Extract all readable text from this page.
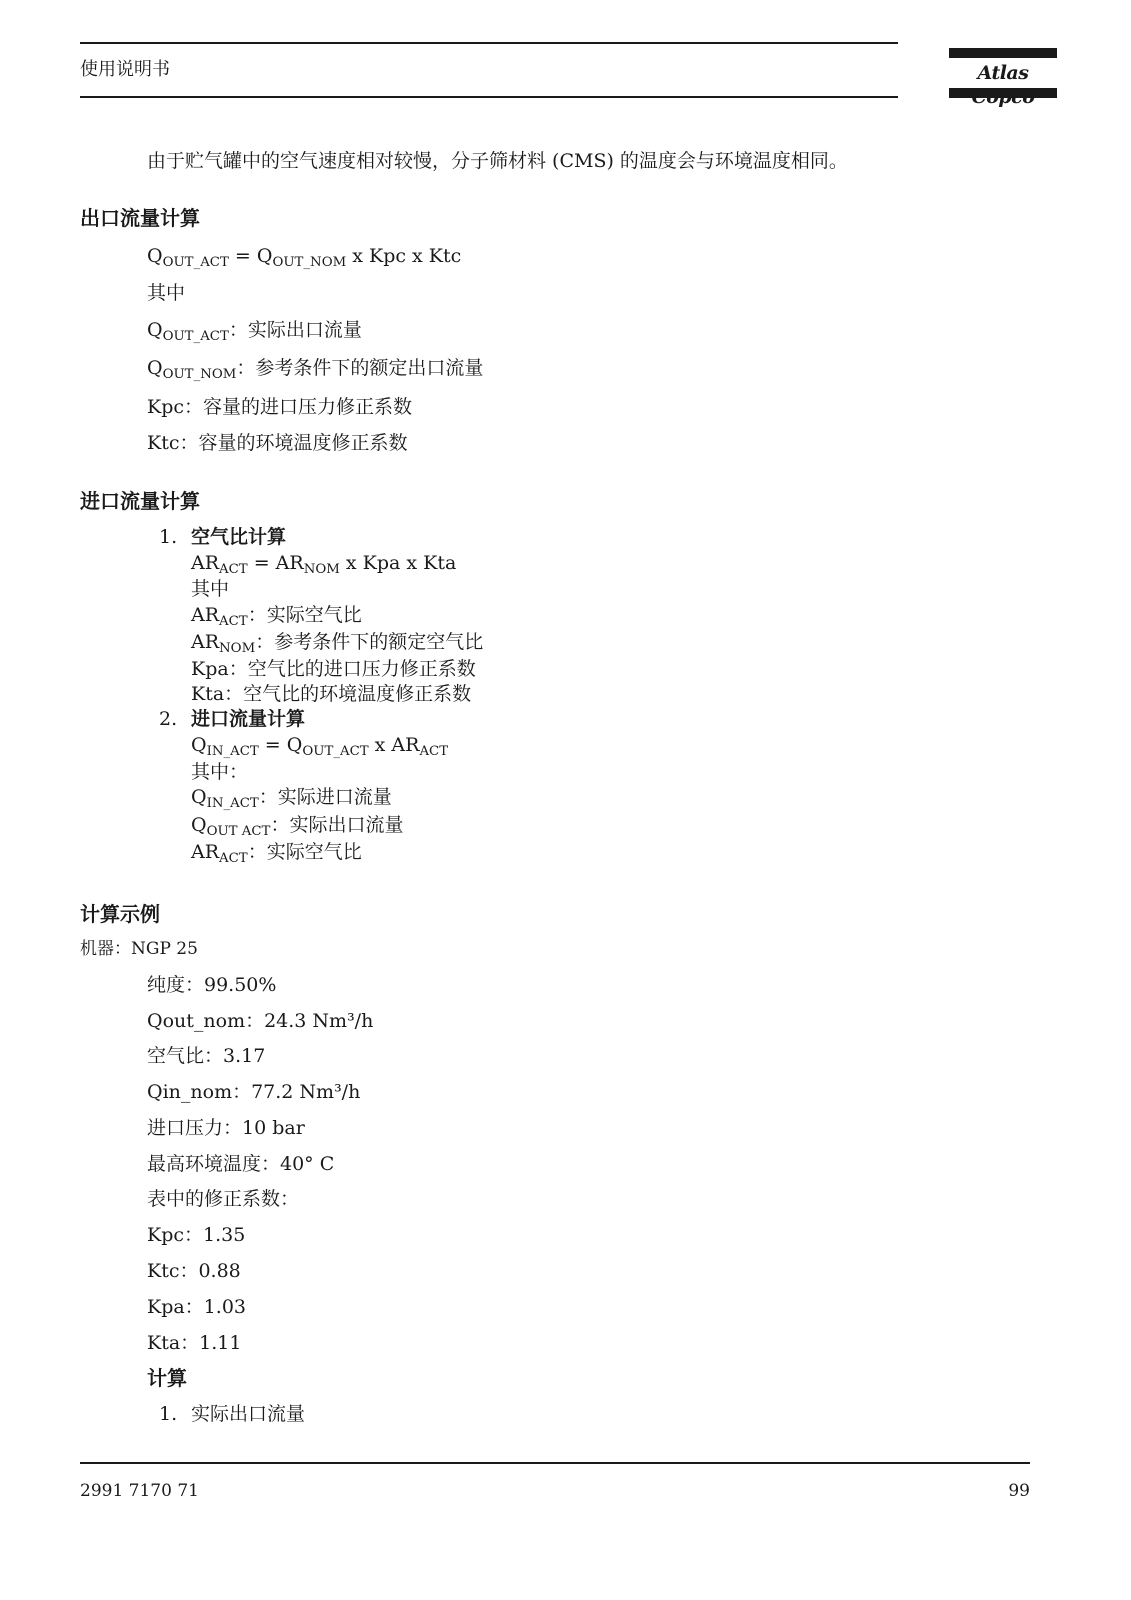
使用说明书	Atlas
由于贮气罐中的空气速度相对较慢，分子筛材料 (CMS) 的温度会与环境温度相同。
出口流量计算
$Q_{OUT\_ACT} = Q_{OUT\_NOM}$ x Kpc x Ktc
其中
$Q_{OUT\_ACT}$：实际出口流量
$Q_{OUT\_NOM}$：参考条件下的额定出口流量
Kpc：容量的进口压力修正系数
Ktc：容量的环境温度修正系数
进口流量计算
1. 空气比计算
$AR_{ACT} = AR_{NOM}$ x Kpa x Kta
其中
$AR_{ACT}$：实际空气比
$AR_{NOM}$：参考条件下的额定空气比
Kpa：空气比的进口压力修正系数
Kta：空气比的环境温度修正系数
2. 进口流量计算
$Q_{IN\_ACT} = Q_{OUT\_ACT}$ x $AR_{ACT}$
其中：
$Q_{IN\_ACT}$：实际进口流量
$Q_{OUT ACT}$：实际出口流量
$AR_{ACT}$：实际空气比
计算示例
机器：NGP 25
纯度：99.50%
Qout_nom：24.3 Nm³/h
空气比：3.17
Qin_nom：77.2 Nm³/h
进口压力：10 bar
最高环境温度：40° C
表中的修正系数：
Kpc：1.35
Ktc：0.88
Kpa：1.03
Kta：1.11
计算
1. 实际出口流量
2991 7170 71	99
